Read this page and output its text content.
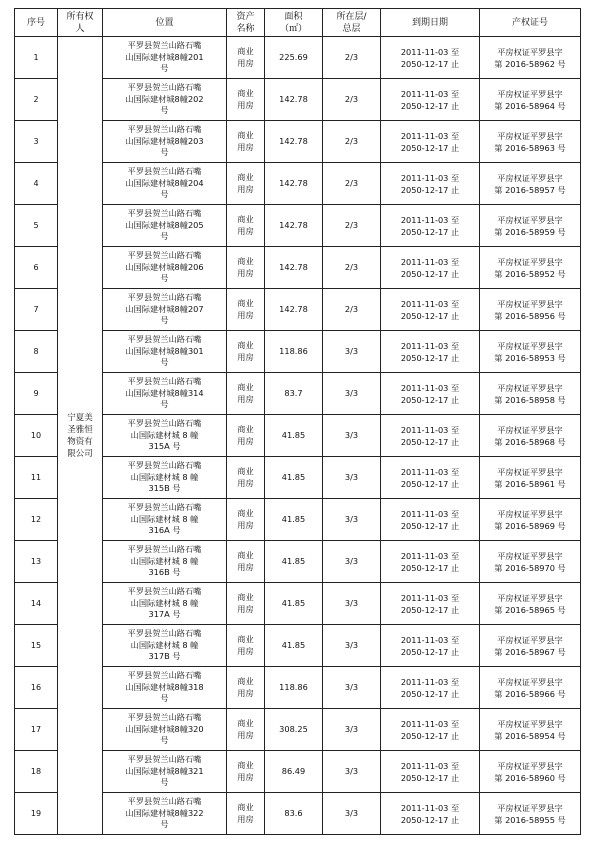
序号	所有权
人	位置	资产
名称	面积
（㎡）	所在层/
总层	到期日期	产权证号
1	宁夏美
圣雅恒
物资有
限公司	平罗县贺兰山路石嘴
山国际建材城8幢201
号	商业
用房	225.69	2/3	2011-11-03 至
2050-12-17 止	平房权证平罗县字
第 2016-58962 号
2		平罗县贺兰山路石嘴
山国际建材城8幢202
号	商业
用房	142.78	2/3	2011-11-03 至
2050-12-17 止	平房权证平罗县字
第 2016-58964 号
3		平罗县贺兰山路石嘴
山国际建材城8幢203
号	商业
用房	142.78	2/3	2011-11-03 至
2050-12-17 止	平房权证平罗县字
第 2016-58963 号
4		平罗县贺兰山路石嘴
山国际建材城8幢204
号	商业
用房	142.78	2/3	2011-11-03 至
2050-12-17 止	平房权证平罗县字
第 2016-58957 号
5		平罗县贺兰山路石嘴
山国际建材城8幢205
号	商业
用房	142.78	2/3	2011-11-03 至
2050-12-17 止	平房权证平罗县字
第 2016-58959 号
6		平罗县贺兰山路石嘴
山国际建材城8幢206
号	商业
用房	142.78	2/3	2011-11-03 至
2050-12-17 止	平房权证平罗县字
第 2016-58952 号
7		平罗县贺兰山路石嘴
山国际建材城8幢207
号	商业
用房	142.78	2/3	2011-11-03 至
2050-12-17 止	平房权证平罗县字
第 2016-58956 号
8		平罗县贺兰山路石嘴
山国际建材城8幢301
号	商业
用房	118.86	3/3	2011-11-03 至
2050-12-17 止	平房权证平罗县字
第 2016-58953 号
9		平罗县贺兰山路石嘴
山国际建材城8幢314
号	商业
用房	83.7	3/3	2011-11-03 至
2050-12-17 止	平房权证平罗县字
第 2016-58958 号
10		平罗县贺兰山路石嘴
山国际建材城 8 幢
315A 号	商业
用房	41.85	3/3	2011-11-03 至
2050-12-17 止	平房权证平罗县字
第 2016-58968 号
11		平罗县贺兰山路石嘴
山国际建材城 8 幢
315B 号	商业
用房	41.85	3/3	2011-11-03 至
2050-12-17 止	平房权证平罗县字
第 2016-58961 号
12		平罗县贺兰山路石嘴
山国际建材城 8 幢
316A 号	商业
用房	41.85	3/3	2011-11-03 至
2050-12-17 止	平房权证平罗县字
第 2016-58969 号
13		平罗县贺兰山路石嘴
山国际建材城 8 幢
316B 号	商业
用房	41.85	3/3	2011-11-03 至
2050-12-17 止	平房权证平罗县字
第 2016-58970 号
14		平罗县贺兰山路石嘴
山国际建材城 8 幢
317A 号	商业
用房	41.85	3/3	2011-11-03 至
2050-12-17 止	平房权证平罗县字
第 2016-58965 号
15		平罗县贺兰山路石嘴
山国际建材城 8 幢
317B 号	商业
用房	41.85	3/3	2011-11-03 至
2050-12-17 止	平房权证平罗县字
第 2016-58967 号
16		平罗县贺兰山路石嘴
山国际建材城8幢318
号	商业
用房	118.86	3/3	2011-11-03 至
2050-12-17 止	平房权证平罗县字
第 2016-58966 号
17		平罗县贺兰山路石嘴
山国际建材城8幢320
号	商业
用房	308.25	3/3	2011-11-03 至
2050-12-17 止	平房权证平罗县字
第 2016-58954 号
18		平罗县贺兰山路石嘴
山国际建材城8幢321
号	商业
用房	86.49	3/3	2011-11-03 至
2050-12-17 止	平房权证平罗县字
第 2016-58960 号
19		平罗县贺兰山路石嘴
山国际建材城8幢322
号	商业
用房	83.6	3/3	2011-11-03 至
2050-12-17 止	平房权证平罗县字
第 2016-58955 号
